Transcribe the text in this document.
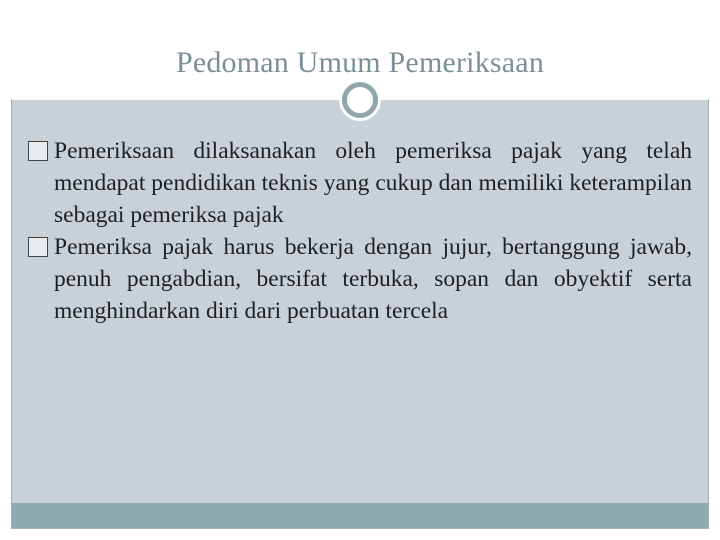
Pedoman Umum Pemeriksaan
Pemeriksaan dilaksanakan oleh pemeriksa pajak yang telah mendapat pendidikan teknis yang cukup dan memiliki keterampilan sebagai pemeriksa pajak
Pemeriksa pajak harus bekerja dengan jujur, bertanggung jawab, penuh pengabdian, bersifat terbuka, sopan dan obyektif serta menghindarkan diri dari perbuatan tercela
